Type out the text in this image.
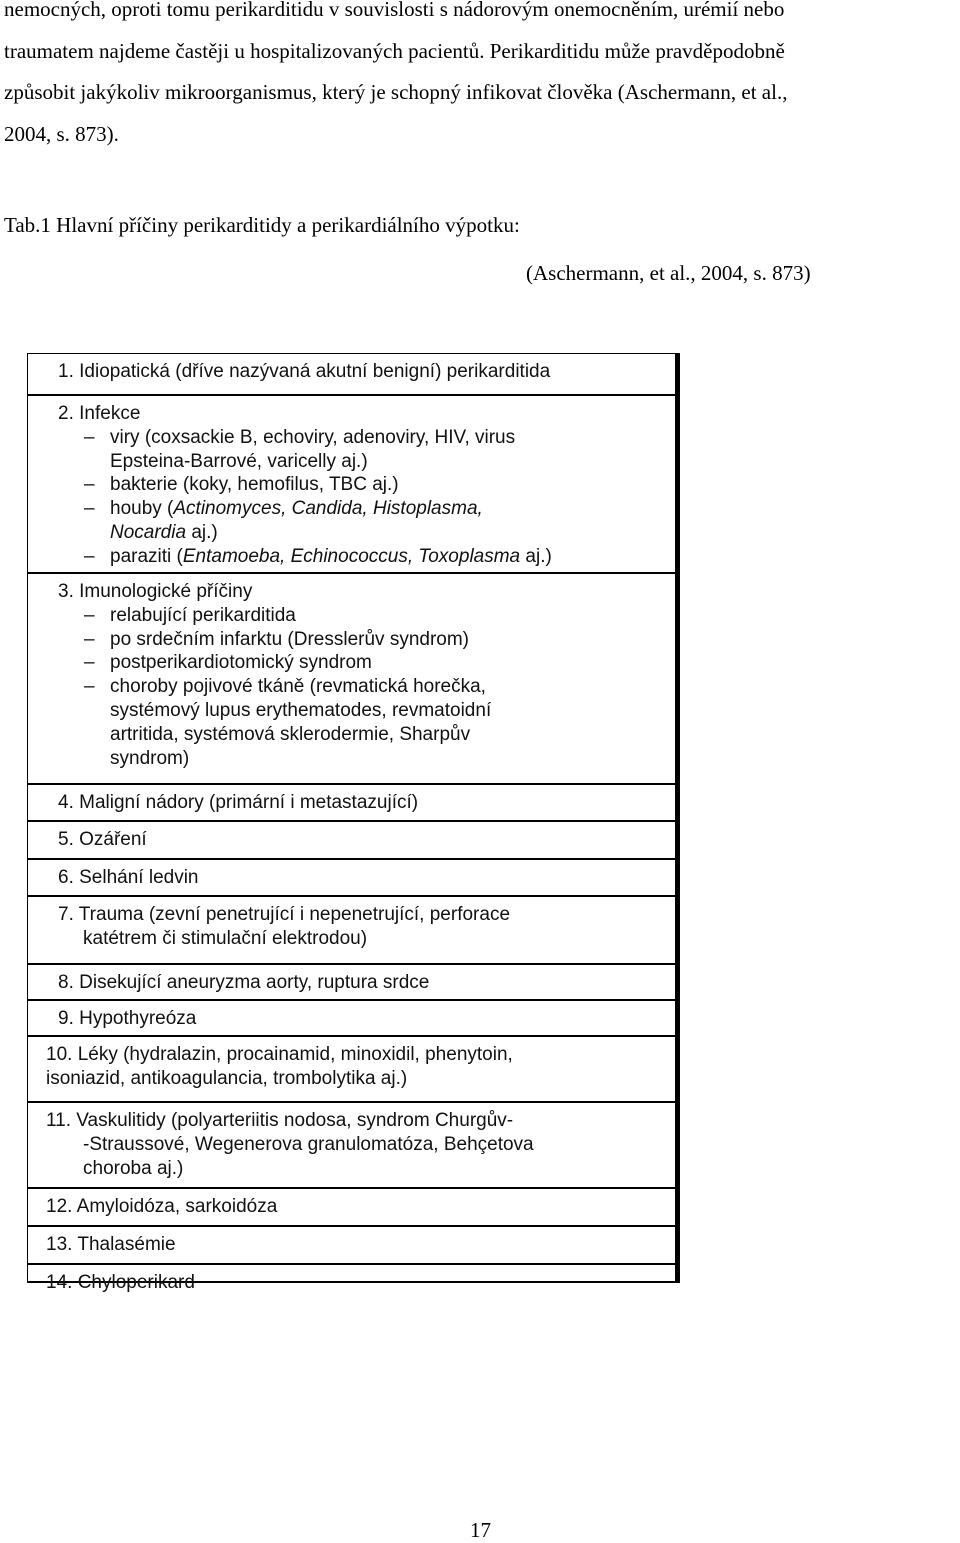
nemocných, oproti tomu perikarditidu v souvislosti s nádorovým onemocněním, urémií nebo

traumatem najdeme častěji u hospitalizovaných pacientů. Perikarditidu může pravděpodobně

způsobit jakýkoliv mikroorganismus, který je schopný infikovat člověka (Aschermann, et al.,

2004, s. 873).

Tab.1 Hlavní příčiny perikarditidy a perikardiálního výpotku:
(Aschermann, et al., 2004, s. 873)
1. Idiopatická (dříve nazývaná akutní benigní) perikarditida
2. Infekce
– viry (coxsackie B, echoviry, adenoviry, HIV, virus
Epsteina-Barrové, varicelly aj.)
– bakterie (koky, hemofilus, TBC aj.)
– houby (Actinomyces, Candida, Histoplasma,
Nocardia aj.)
– paraziti (Entamoeba, Echinococcus, Toxoplasma aj.)
3. Imunologické příčiny
– relabující perikarditida
– po srdečním infarktu (Dresslerův syndrom)
– postperikardiotomický syndrom
– choroby pojivové tkáně (revmatická horečka,
systémový lupus erythematodes, revmatoidní
artritida, systémová sklerodermie, Sharpův
syndrom)
4. Maligní nádory (primární i metastazující)
5. Ozáření
6. Selhání ledvin
7. Trauma (zevní penetrující i nepenetrující, perforace
katétrem či stimulační elektrodou)
8. Disekující aneuryzma aorty, ruptura srdce
9. Hypothyreóza
10. Léky (hydralazin, procainamid, minoxidil, phenytoin,
isoniazid, antikoagulancia, trombolytika aj.)
11. Vaskulitidy (polyarteriitis nodosa, syndrom Churgův-
-Straussové, Wegenerova granulomatóza, Behçetova
choroba aj.)
12. Amyloidóza, sarkoidóza
13. Thalasémie
14. Chyloperikard
17
